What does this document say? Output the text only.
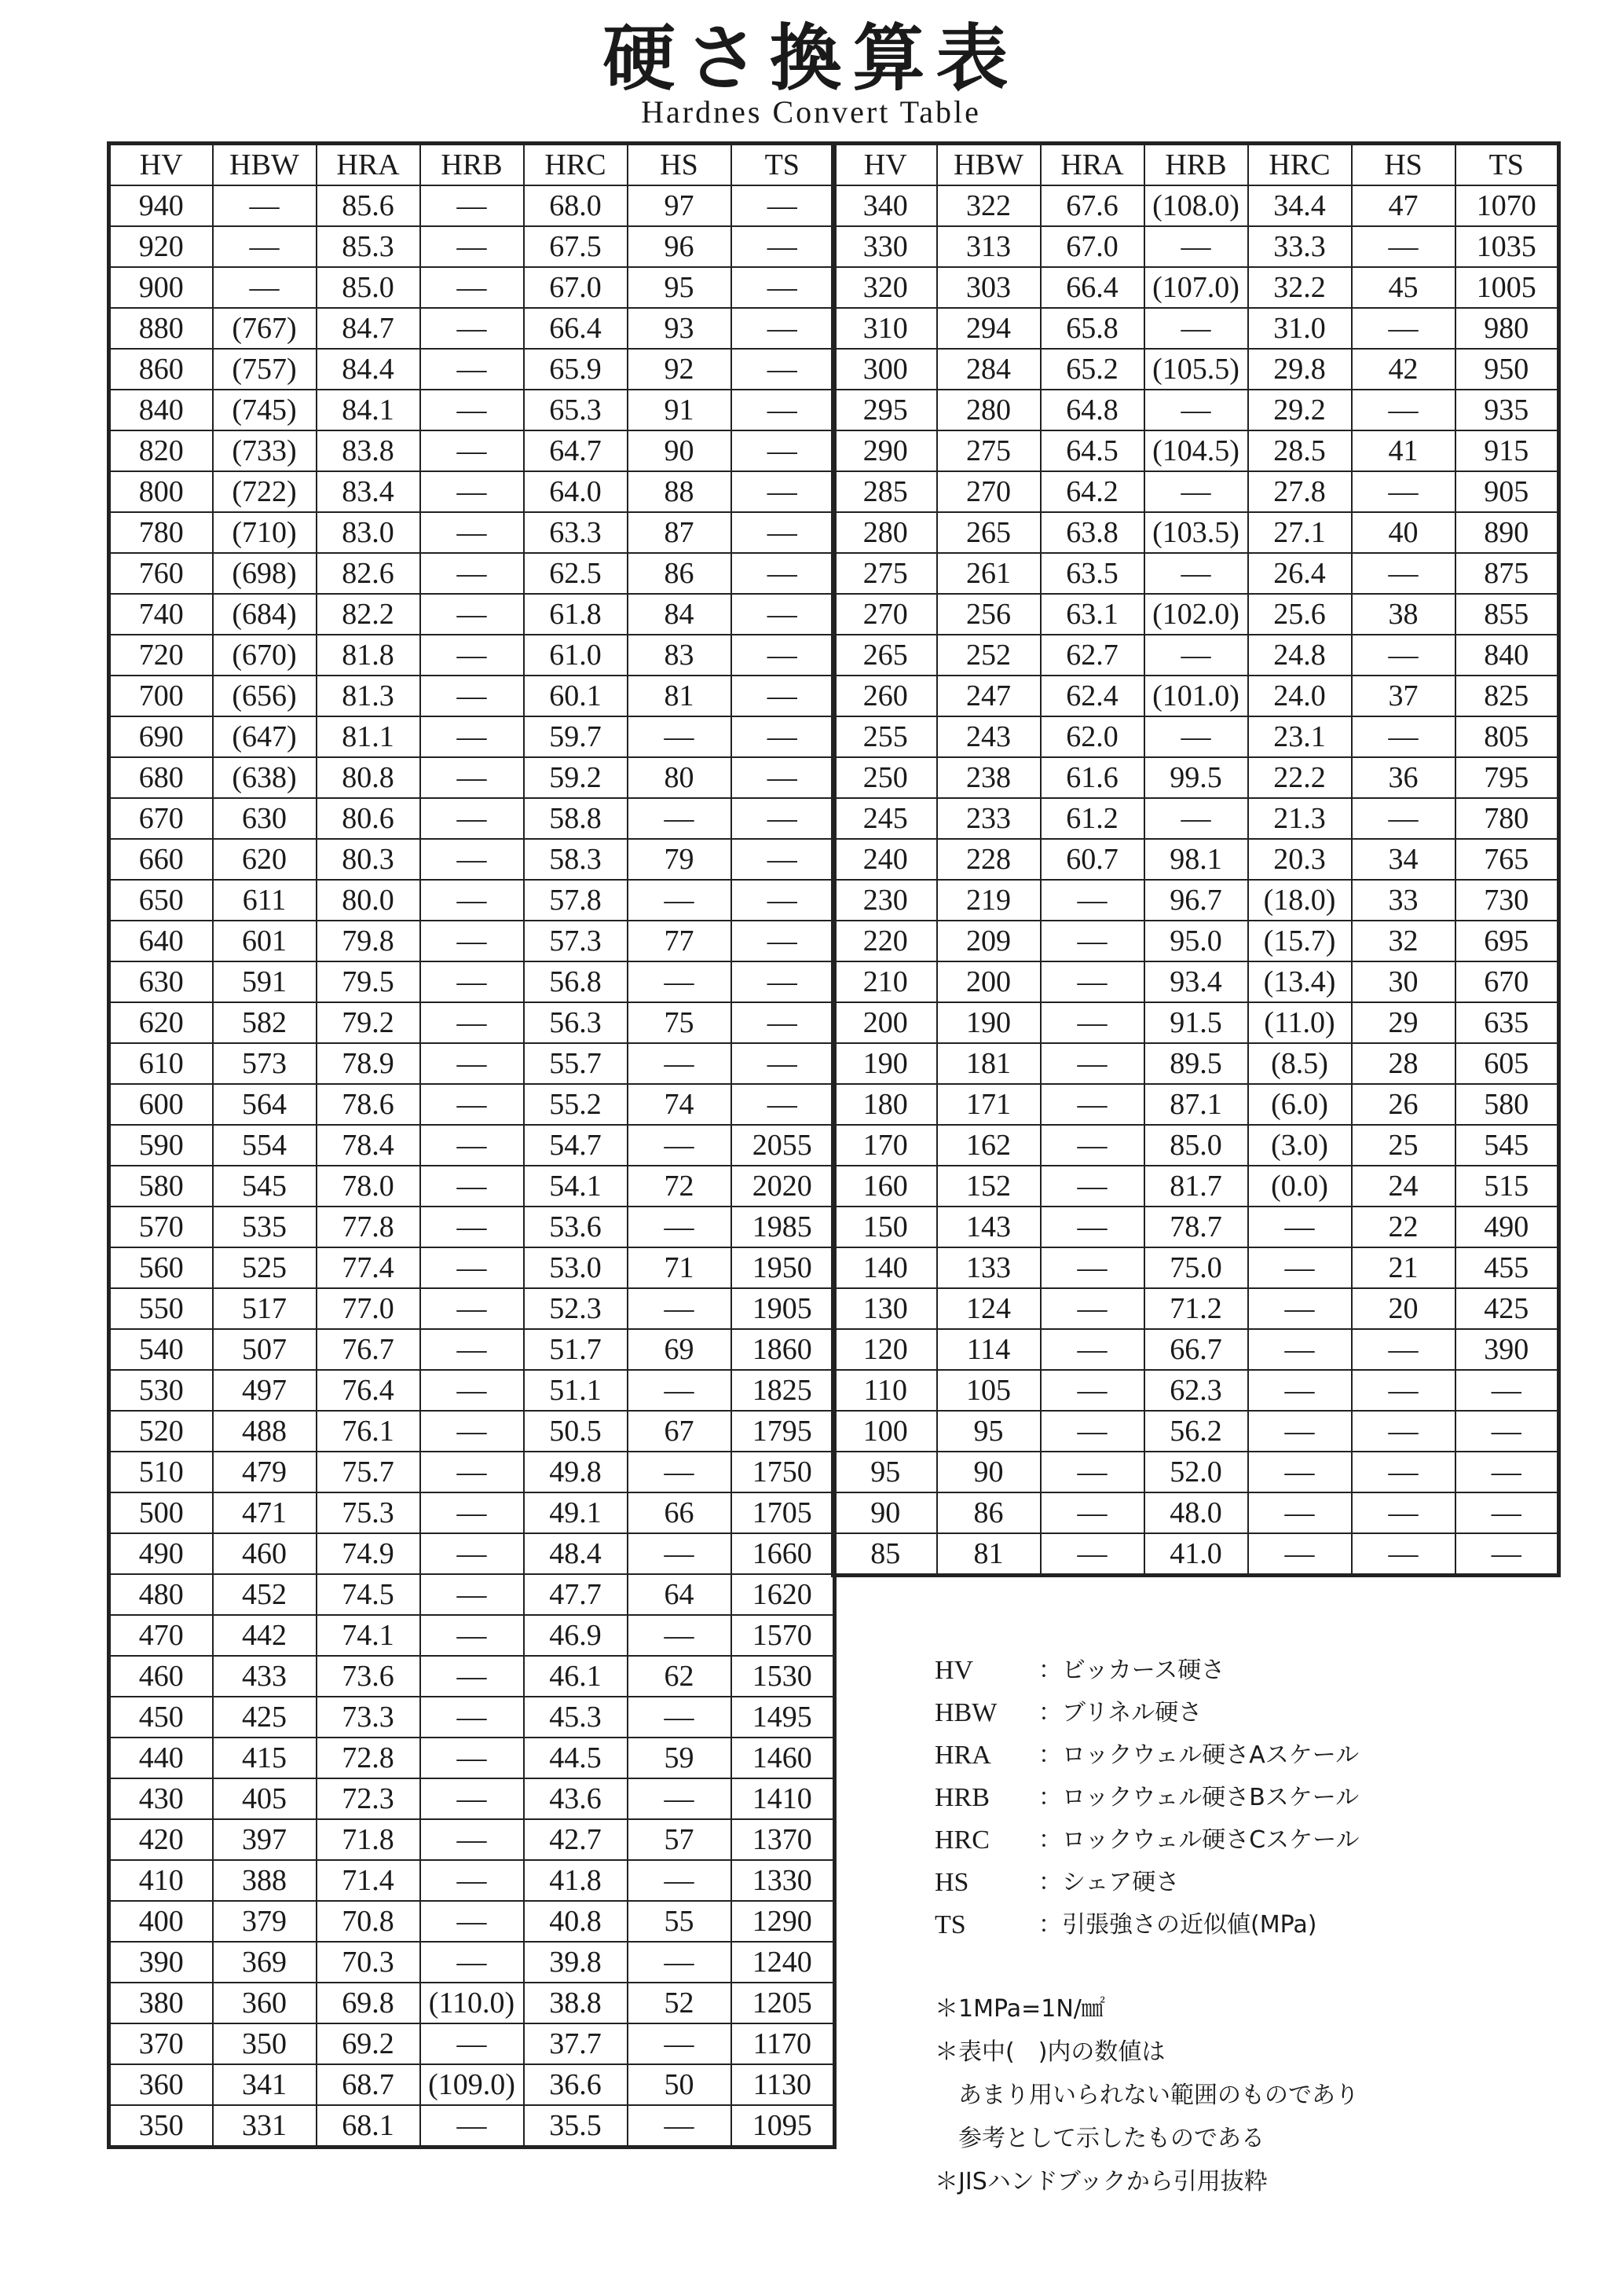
硬さ換算表
Hardnes Convert Table
HV	HBW	HRA	HRB	HRC	HS	TS
940	—	85.6	—	68.0	97	—
920	—	85.3	—	67.5	96	—
900	—	85.0	—	67.0	95	—
880	(767)	84.7	—	66.4	93	—
860	(757)	84.4	—	65.9	92	—
840	(745)	84.1	—	65.3	91	—
820	(733)	83.8	—	64.7	90	—
800	(722)	83.4	—	64.0	88	—
780	(710)	83.0	—	63.3	87	—
760	(698)	82.6	—	62.5	86	—
740	(684)	82.2	—	61.8	84	—
720	(670)	81.8	—	61.0	83	—
700	(656)	81.3	—	60.1	81	—
690	(647)	81.1	—	59.7	—	—
680	(638)	80.8	—	59.2	80	—
670	630	80.6	—	58.8	—	—
660	620	80.3	—	58.3	79	—
650	611	80.0	—	57.8	—	—
640	601	79.8	—	57.3	77	—
630	591	79.5	—	56.8	—	—
620	582	79.2	—	56.3	75	—
610	573	78.9	—	55.7	—	—
600	564	78.6	—	55.2	74	—
590	554	78.4	—	54.7	—	2055
580	545	78.0	—	54.1	72	2020
570	535	77.8	—	53.6	—	1985
560	525	77.4	—	53.0	71	1950
550	517	77.0	—	52.3	—	1905
540	507	76.7	—	51.7	69	1860
530	497	76.4	—	51.1	—	1825
520	488	76.1	—	50.5	67	1795
510	479	75.7	—	49.8	—	1750
500	471	75.3	—	49.1	66	1705
490	460	74.9	—	48.4	—	1660
480	452	74.5	—	47.7	64	1620
470	442	74.1	—	46.9	—	1570
460	433	73.6	—	46.1	62	1530
450	425	73.3	—	45.3	—	1495
440	415	72.8	—	44.5	59	1460
430	405	72.3	—	43.6	—	1410
420	397	71.8	—	42.7	57	1370
410	388	71.4	—	41.8	—	1330
400	379	70.8	—	40.8	55	1290
390	369	70.3	—	39.8	—	1240
380	360	69.8	(110.0)	38.8	52	1205
370	350	69.2	—	37.7	—	1170
360	341	68.7	(109.0)	36.6	50	1130
350	331	68.1	—	35.5	—	1095
HV	HBW	HRA	HRB	HRC	HS	TS
340	322	67.6	(108.0)	34.4	47	1070
330	313	67.0	—	33.3	—	1035
320	303	66.4	(107.0)	32.2	45	1005
310	294	65.8	—	31.0	—	980
300	284	65.2	(105.5)	29.8	42	950
295	280	64.8	—	29.2	—	935
290	275	64.5	(104.5)	28.5	41	915
285	270	64.2	—	27.8	—	905
280	265	63.8	(103.5)	27.1	40	890
275	261	63.5	—	26.4	—	875
270	256	63.1	(102.0)	25.6	38	855
265	252	62.7	—	24.8	—	840
260	247	62.4	(101.0)	24.0	37	825
255	243	62.0	—	23.1	—	805
250	238	61.6	99.5	22.2	36	795
245	233	61.2	—	21.3	—	780
240	228	60.7	98.1	20.3	34	765
230	219	—	96.7	(18.0)	33	730
220	209	—	95.0	(15.7)	32	695
210	200	—	93.4	(13.4)	30	670
200	190	—	91.5	(11.0)	29	635
190	181	—	89.5	(8.5)	28	605
180	171	—	87.1	(6.0)	26	580
170	162	—	85.0	(3.0)	25	545
160	152	—	81.7	(0.0)	24	515
150	143	—	78.7	—	22	490
140	133	—	75.0	—	21	455
130	124	—	71.2	—	20	425
120	114	—	66.7	—	—	390
110	105	—	62.3	—	—	—
100	95	—	56.2	—	—	—
95	90	—	52.0	—	—	—
90	86	—	48.0	—	—	—
85	81	—	41.0	—	—	—
HV	：ビッカース硬さ
HBW	：ブリネル硬さ
HRA	：ロックウェル硬さAスケール
HRB	：ロックウェル硬さBスケール
HRC	：ロックウェル硬さCスケール
HS	：シェア硬さ
TS	：引張強さの近似値(MPa)
＊1MPa=1N/㎟
＊表中(　)内の数値は
　あまり用いられない範囲のものであり
　参考として示したものである
＊JISハンドブックから引用抜粋
